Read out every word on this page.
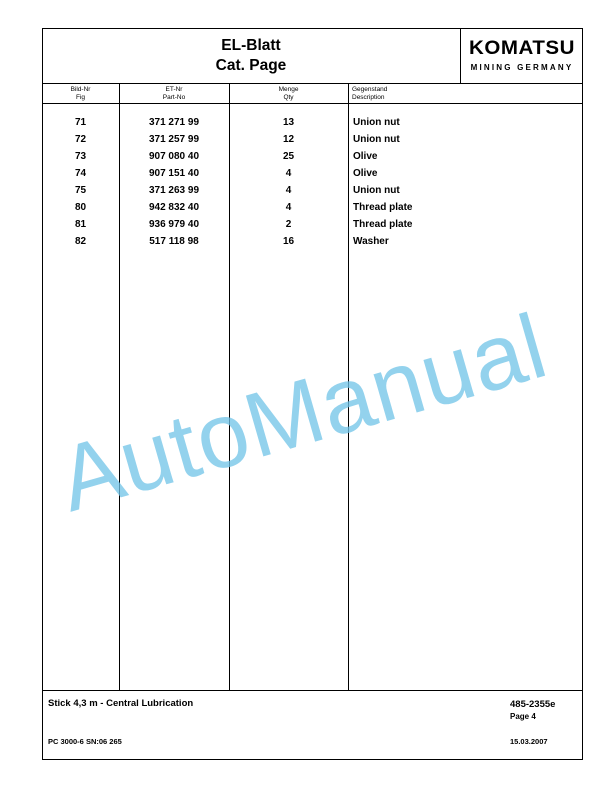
EL-Blatt
Cat. Page
KOMATSU
MINING GERMANY
Bild-Nr
Fig
ET-Nr
Part-No
Menge
Qty
Gegenstand
Description
71	371 271 99	13	Union nut
72	371 257 99	12	Union nut
73	907 080 40	25	Olive
74	907 151 40	4	Olive
75	371 263 99	4	Union nut
80	942 832 40	4	Thread plate
81	936 979 40	2	Thread plate
82	517 118 98	16	Washer
Stick 4,3 m - Central Lubrication	485-2355e
Page 4
PC 3000-6 SN:06 265	15.03.2007
AutoManual
